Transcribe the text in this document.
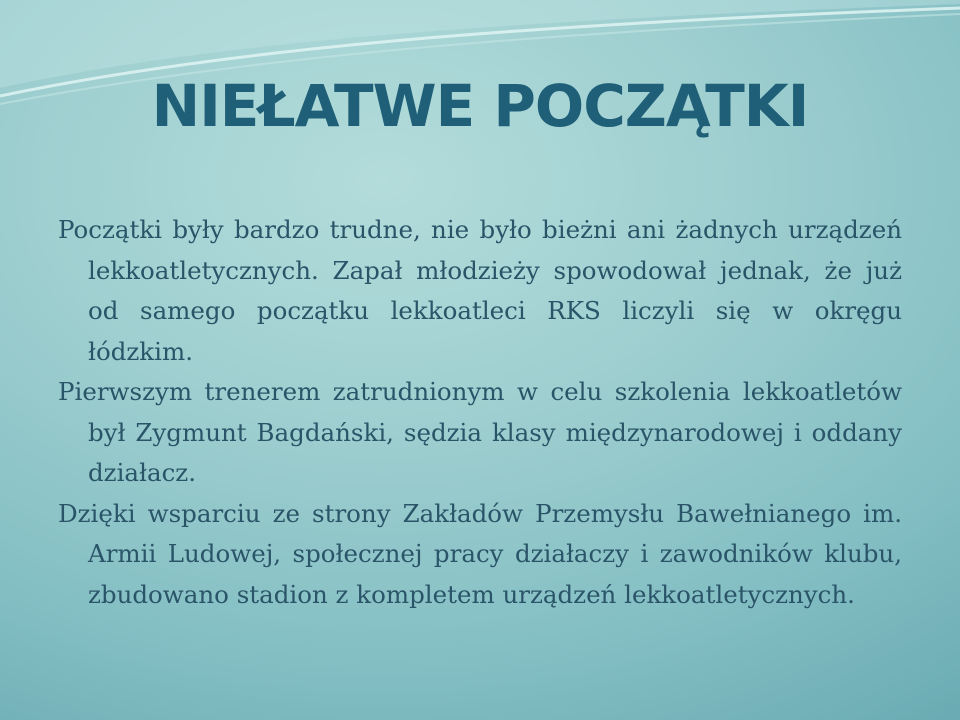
NIEŁATWE POCZĄTKI

Początki były bardzo trudne, nie było bieżni ani żadnych urządzeń lekkoatletycznych. Zapał młodzieży spowodował jednak, że już od samego początku lekkoatleci RKS liczyli się w okręgu łódzkim.

Pierwszym trenerem zatrudnionym w celu szkolenia lekkoatletów był Zygmunt Bagdański, sędzia klasy międzynarodowej i oddany działacz.

Dzięki wsparciu ze strony Zakładów Przemysłu Bawełnianego im. Armii Ludowej, społecznej pracy działaczy i zawodników klubu, zbudowano stadion z kompletem urządzeń lekkoatletycznych.
